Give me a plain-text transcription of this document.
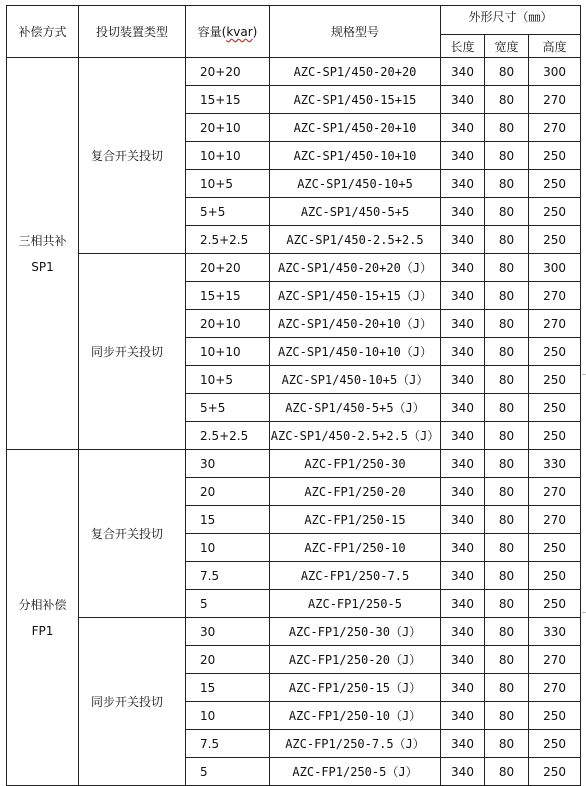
补偿方式	投切装置类型	容量(kvar)	规格型号	外形尺寸（㎜）		
				长度	宽度	高度

三相共补
SP1	复合开关投切	20+20	AZC-SP1/450-20+20	340	80	300
		15+15	AZC-SP1/450-15+15	340	80	270
		20+10	AZC-SP1/450-20+10	340	80	270
		10+10	AZC-SP1/450-10+10	340	80	250
		10+5	AZC-SP1/450-10+5	340	80	250
		5+5	AZC-SP1/450-5+5	340	80	250
		2.5+2.5	AZC-SP1/450-2.5+2.5	340	80	250
	同步开关投切	20+20	AZC-SP1/450-20+20（J）	340	80	300
		15+15	AZC-SP1/450-15+15（J）	340	80	270
		20+10	AZC-SP1/450-20+10（J）	340	80	270
		10+10	AZC-SP1/450-10+10（J）	340	80	250
		10+5	AZC-SP1/450-10+5（J）	340	80	250
		5+5	AZC-SP1/450-5+5（J）	340	80	250
		2.5+2.5	AZC-SP1/450-2.5+2.5（J）	340	80	250

分相补偿
FP1	复合开关投切	30	AZC-FP1/250-30	340	80	330
		20	AZC-FP1/250-20	340	80	270
		15	AZC-FP1/250-15	340	80	270
		10	AZC-FP1/250-10	340	80	250
		7.5	AZC-FP1/250-7.5	340	80	250
		5	AZC-FP1/250-5	340	80	250
	同步开关投切	30	AZC-FP1/250-30（J）	340	80	330
		20	AZC-FP1/250-20（J）	340	80	270
		15	AZC-FP1/250-15（J）	340	80	270
		10	AZC-FP1/250-10（J）	340	80	250
		7.5	AZC-FP1/250-7.5（J）	340	80	250
		5	AZC-FP1/250-5（J）	340	80	250
